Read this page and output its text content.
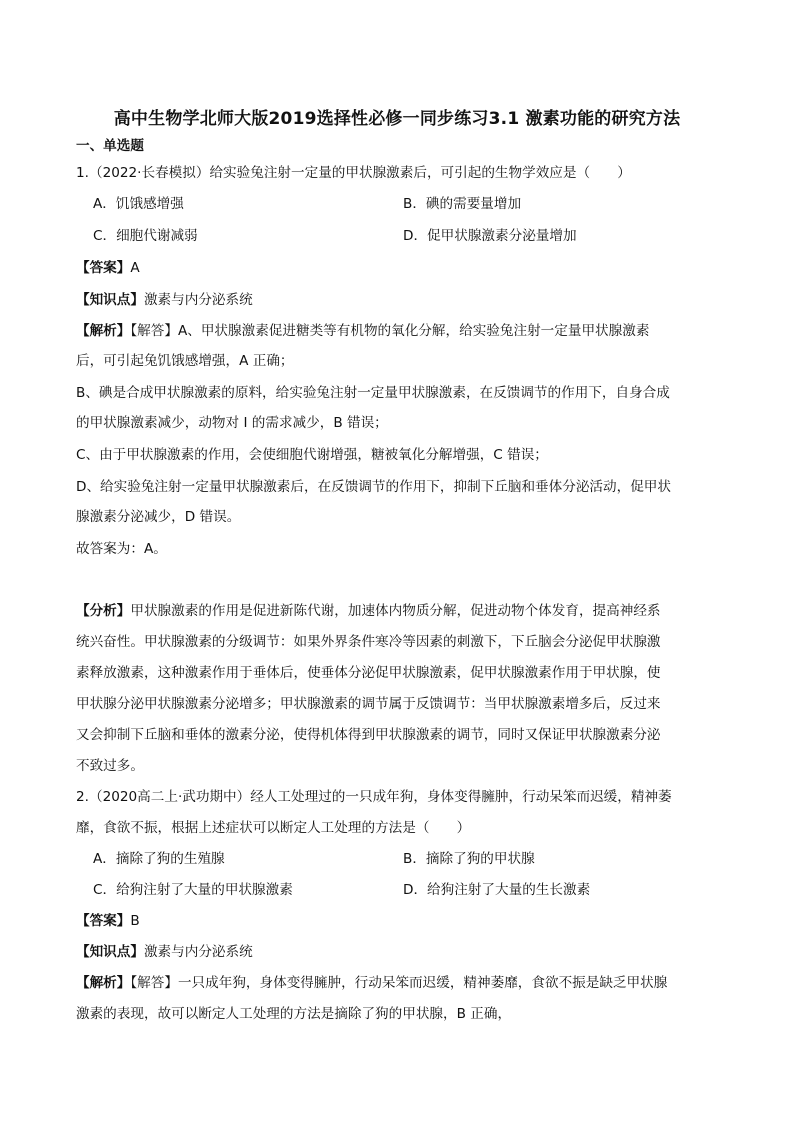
高中生物学北师大版2019选择性必修一同步练习3.1 激素功能的研究方法
一、单选题
1.（2022·长春模拟）给实验兔注射一定量的甲状腺激素后，可引起的生物学效应是（　　）
A．饥饿感增强	B．碘的需要量增加
C．细胞代谢减弱	D．促甲状腺激素分泌量增加
【答案】A
【知识点】激素与内分泌系统
【解析】【解答】A、甲状腺激素促进糖类等有机物的氧化分解，给实验兔注射一定量甲状腺激素
后，可引起兔饥饿感增强，A 正确；
B、碘是合成甲状腺激素的原料，给实验兔注射一定量甲状腺激素，在反馈调节的作用下，自身合成
的甲状腺激素减少，动物对 I 的需求减少，B 错误；
C、由于甲状腺激素的作用，会使细胞代谢增强，糖被氧化分解增强，C 错误；
D、给实验兔注射一定量甲状腺激素后，在反馈调节的作用下，抑制下丘脑和垂体分泌活动，促甲状
腺激素分泌减少，D 错误。
故答案为：A。
【分析】甲状腺激素的作用是促进新陈代谢，加速体内物质分解，促进动物个体发育，提高神经系
统兴奋性。甲状腺激素的分级调节：如果外界条件寒冷等因素的刺激下，下丘脑会分泌促甲状腺激
素释放激素，这种激素作用于垂体后，使垂体分泌促甲状腺激素，促甲状腺激素作用于甲状腺，使
甲状腺分泌甲状腺激素分泌增多；甲状腺激素的调节属于反馈调节：当甲状腺激素增多后，反过来
又会抑制下丘脑和垂体的激素分泌，使得机体得到甲状腺激素的调节，同时又保证甲状腺激素分泌
不致过多。
2.（2020高二上·武功期中）经人工处理过的一只成年狗，身体变得臃肿，行动呆笨而迟缓，精神萎
靡，食欲不振，根据上述症状可以断定人工处理的方法是（　　）
A．摘除了狗的生殖腺	B．摘除了狗的甲状腺
C．给狗注射了大量的甲状腺激素	D．给狗注射了大量的生长激素
【答案】B
【知识点】激素与内分泌系统
【解析】【解答】一只成年狗，身体变得臃肿，行动呆笨而迟缓，精神萎靡，食欲不振是缺乏甲状腺
激素的表现，故可以断定人工处理的方法是摘除了狗的甲状腺，B 正确，
